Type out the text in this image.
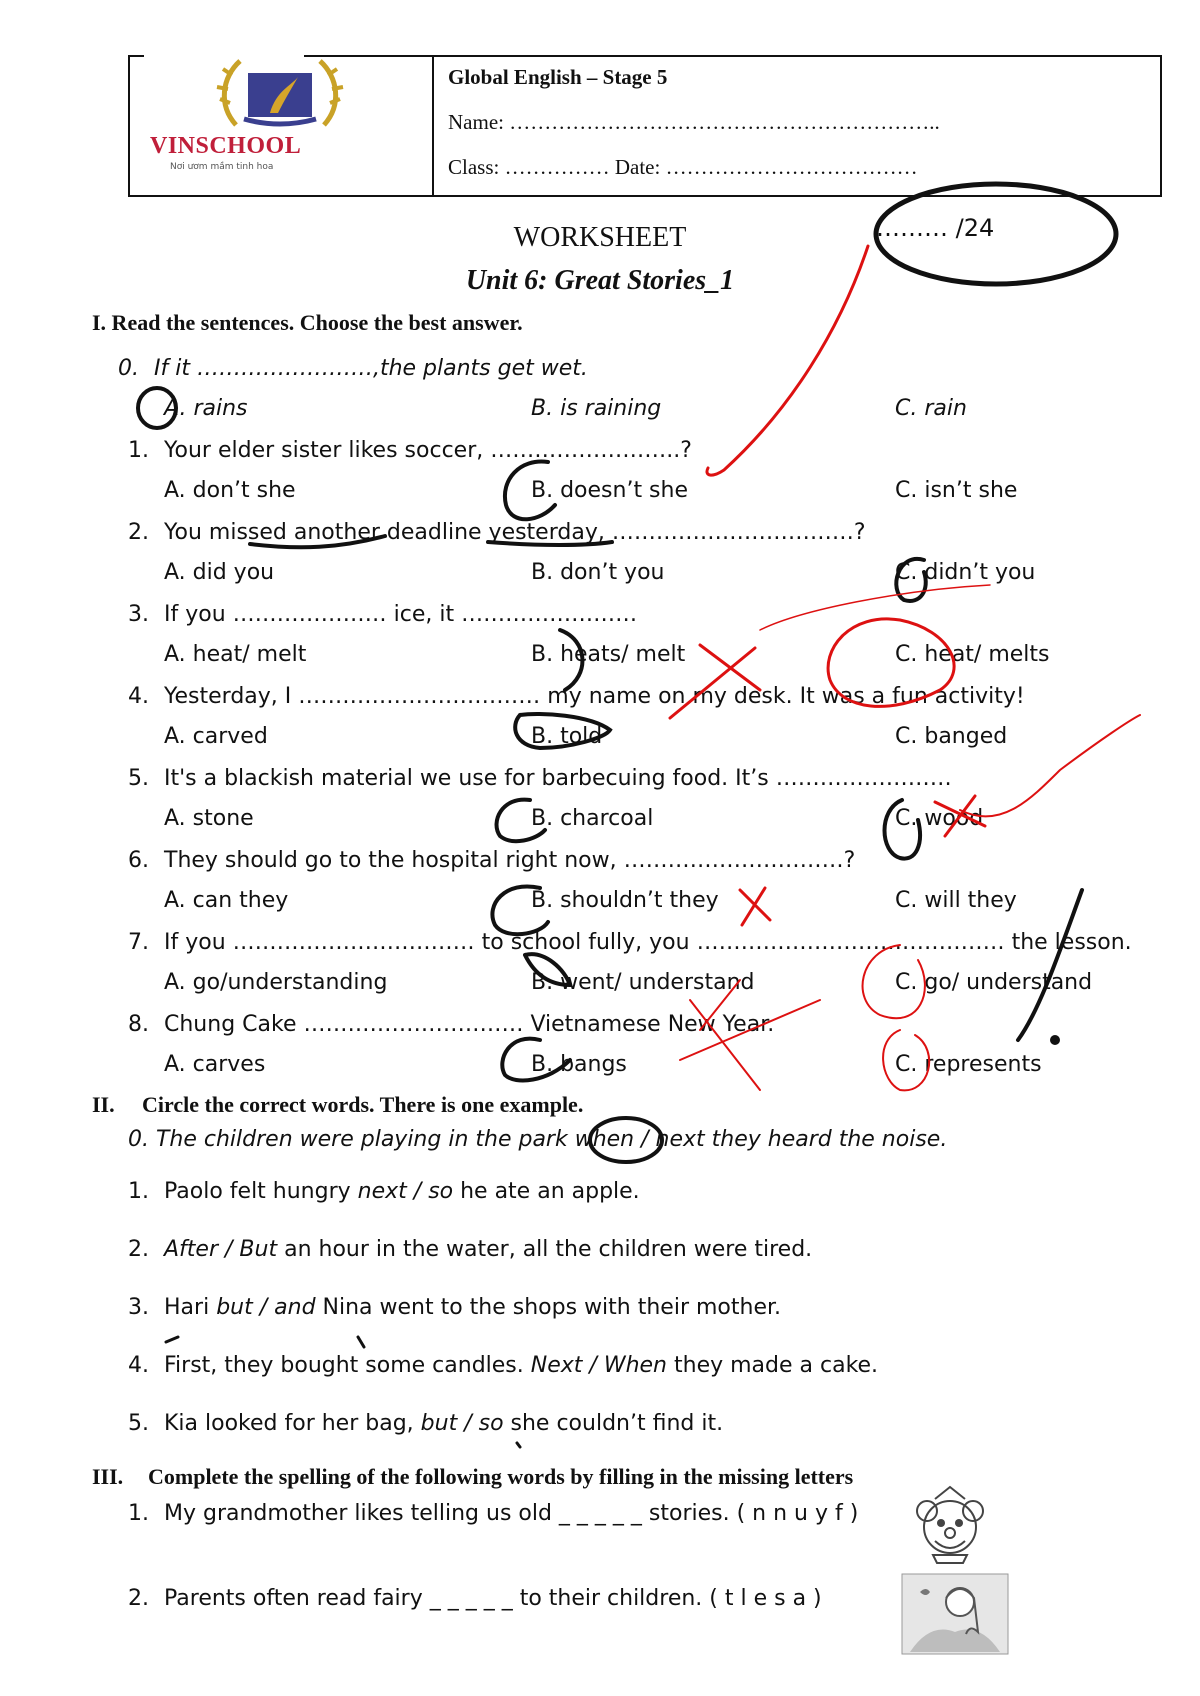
VINSCHOOL
Nơi ươm mầm tinh hoa
Global English – Stage 5
Name: ……………………………………………………..
Class: …………… Date: ………………………………
WORKSHEET
Unit 6: Great Stories_1
……… /24
I. Read the sentences. Choose the best answer.
0. If it ……………………,the plants get wet.
A. rains	B. is raining	C. rain
1. Your elder sister likes soccer, ……………………..?
A. don’t she	B. doesn’t she	C. isn’t she
2. You missed another deadline yesterday, ……………………………?
A. did you	B. don’t you	C. didn’t you
3. If you ………………… ice, it ……………………
A. heat/ melt	B. heats/ melt	C. heat/ melts
4. Yesterday, I …………………………… my name on my desk. It was a fun activity!
A. carved	B. told	C. banged
5. It's a blackish material we use for barbecuing food. It’s ……………………
A. stone	B. charcoal	C. wood
6. They should go to the hospital right now, …………………………?
A. can they	B. shouldn’t they	C. will they
7. If you …………………………… to school fully, you …………………………………… the lesson.
A. go/understanding	B. went/ understand	C. go/ understand
8. Chung Cake ………………………… Vietnamese New Year.
A. carves	B. bangs	C. represents
II. Circle the correct words. There is one example.
0. The children were playing in the park when / next they heard the noise.
1. Paolo felt hungry next / so he ate an apple.
2. After / But an hour in the water, all the children were tired.
3. Hari but / and Nina went to the shops with their mother.
4. First, they bought some candles. Next / When they made a cake.
5. Kia looked for her bag, but / so she couldn’t find it.
III. Complete the spelling of the following words by filling in the missing letters
1. My grandmother likes telling us old _ _ _ _ _ stories. ( n n u y f )
2. Parents often read fairy _ _ _ _ _ to their children. ( t l e s a )
